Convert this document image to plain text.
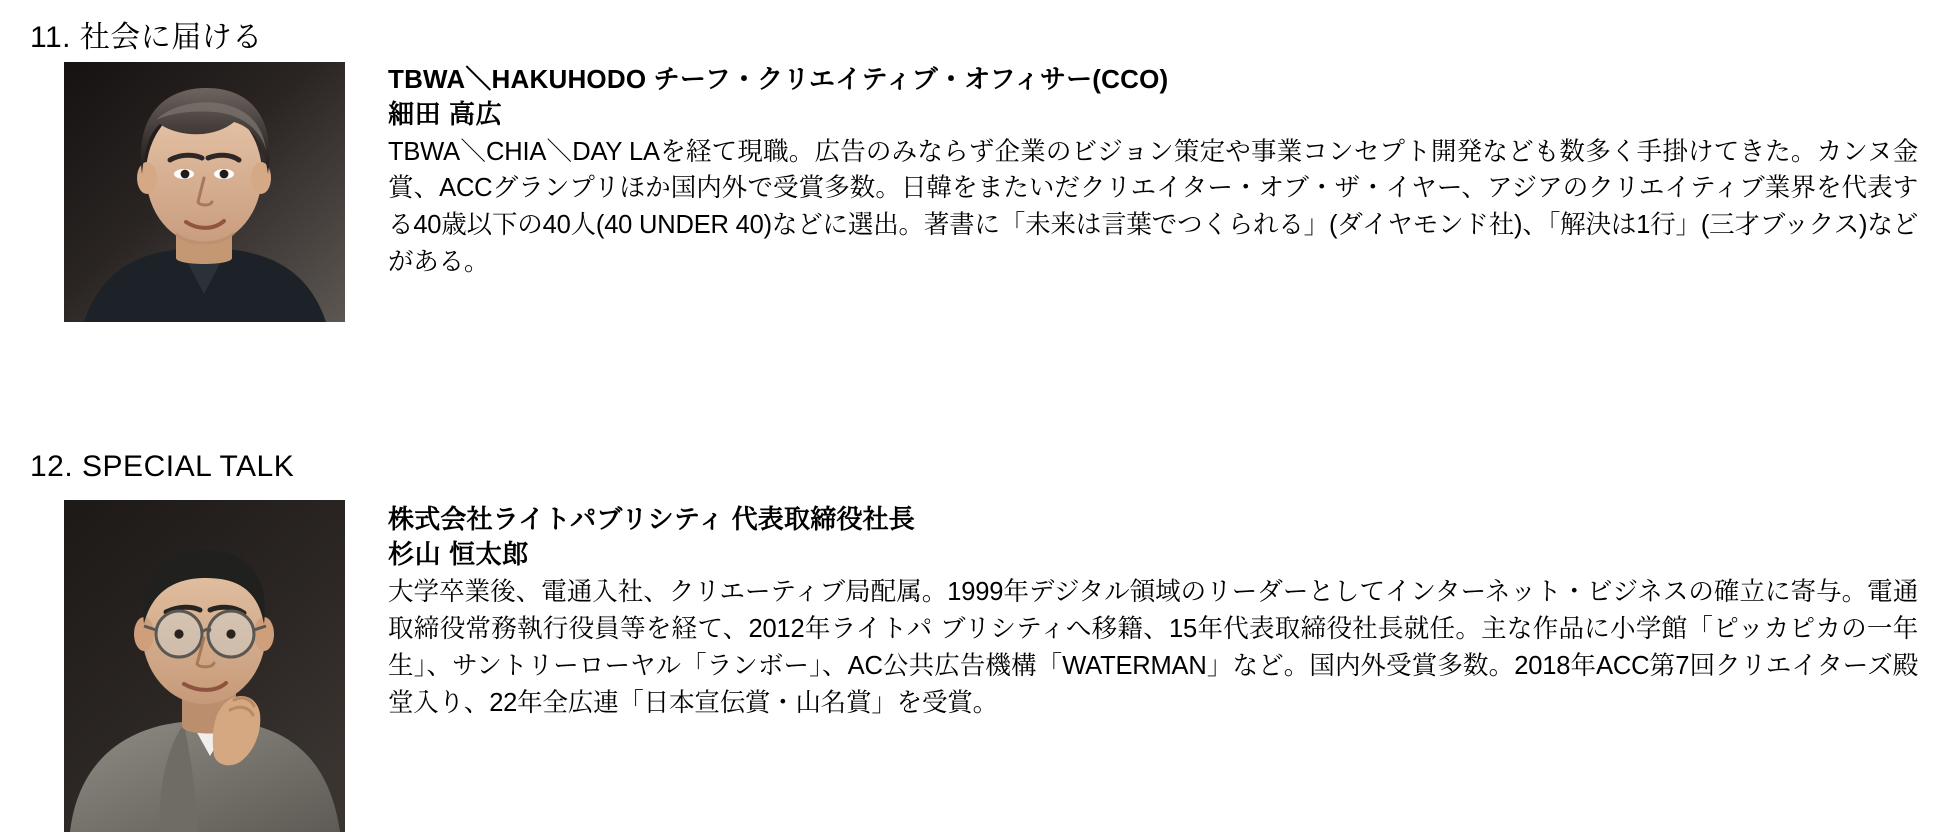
11. 社会に届ける

TBWA＼HAKUHODO チーフ・クリエイティブ・オフィサー(CCO)

細田 高広

TBWA＼CHIA＼DAY LAを経て現職。広告のみならず企業のビジョン策定や事業コンセプト開発なども数多く手掛けてきた。カンヌ金賞、ACCグランプリほか国内外で受賞多数。日韓をまたいだクリエイター・オブ・ザ・イヤー、アジアのクリエイティブ業界を代表する40歳以下の40人(40 UNDER 40)などに選出。著書に「未来は言葉でつくられる」(ダイヤモンド社)、「解決は1行」(三才ブックス)などがある。

12. SPECIAL TALK

株式会社ライトパブリシティ 代表取締役社長

杉山 恒太郎

大学卒業後、電通入社、クリエーティブ局配属。1999年デジタル領域のリーダーとしてインターネット・ビジネスの確立に寄与。電通取締役常務執行役員等を経て、2012年ライトパ ブリシティへ移籍、15年代表取締役社長就任。主な作品に小学館「ピッカピカの一年生」、サントリーローヤル「ランボー」、AC公共広告機構「WATERMAN」など。国内外受賞多数。2018年ACC第7回クリエイターズ殿堂入り、22年全広連「日本宣伝賞・山名賞」を受賞。
